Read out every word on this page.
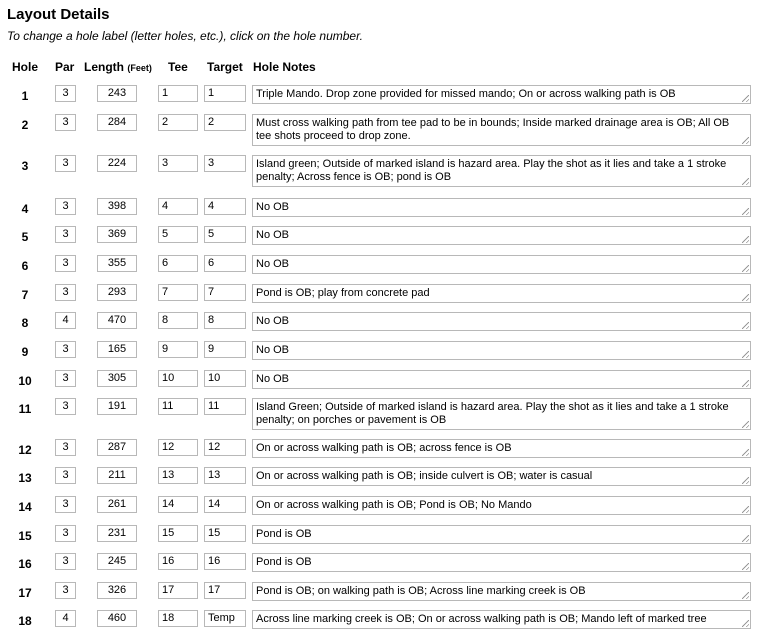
Layout Details
To change a hole label (letter holes, etc.), click on the hole number.
Hole Par Length (Feet) Tee Target Hole Notes
1	3	243	1	1	Triple Mando. Drop zone provided for missed mando; On or across walking path is OB
2	3	284	2	2	Must cross walking path from tee pad to be in bounds; Inside marked drainage area is OB; All OB tee shots proceed to drop zone.
3	3	224	3	3	Island green; Outside of marked island is hazard area. Play the shot as it lies and take a 1 stroke penalty; Across fence is OB; pond is OB
4	3	398	4	4	No OB
5	3	369	5	5	No OB
6	3	355	6	6	No OB
7	3	293	7	7	Pond is OB; play from concrete pad
8	4	470	8	8	No OB
9	3	165	9	9	No OB
10	3	305	10	10	No OB
11	3	191	11	11	Island Green; Outside of marked island is hazard area. Play the shot as it lies and take a 1 stroke penalty; on porches or pavement is OB
12	3	287	12	12	On or across walking path is OB; across fence is OB
13	3	211	13	13	On or across walking path is OB; inside culvert is OB; water is casual
14	3	261	14	14	On or across walking path is OB; Pond is OB; No Mando
15	3	231	15	15	Pond is OB
16	3	245	16	16	Pond is OB
17	3	326	17	17	Pond is OB; on walking path is OB; Across line marking creek is OB
18	4	460	18	Temp	Across line marking creek is OB; On or across walking path is OB; Mando left of marked tree
